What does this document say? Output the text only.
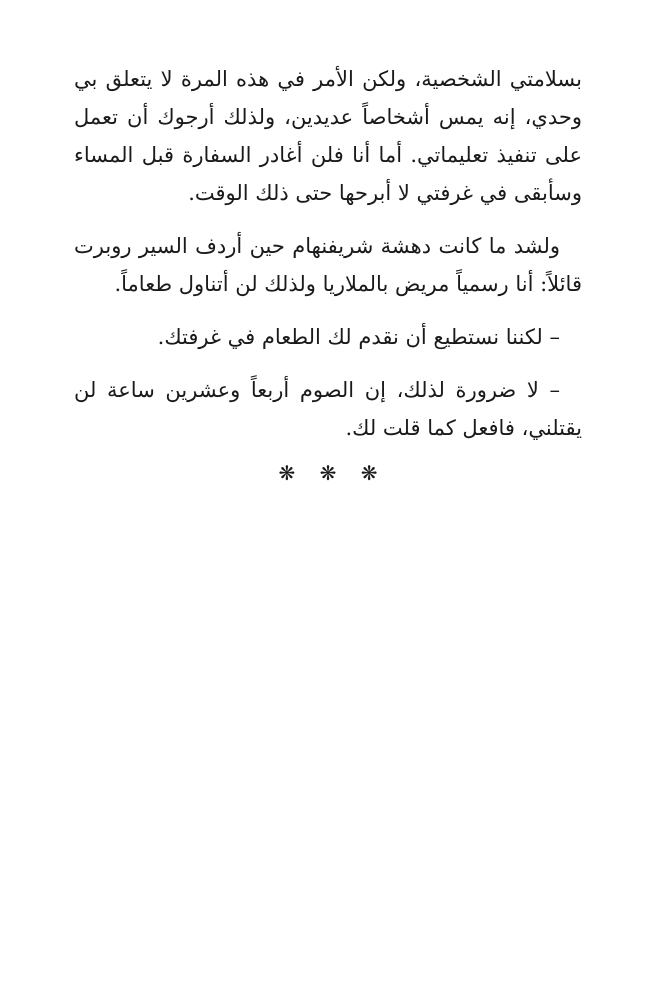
بسلامتي الشخصية، ولكن الأمر في هذه المرة لا يتعلق بي
وحدي، إنه يمس أشخاصاً عديدين، ولذلك أرجوك أن تعمل
على تنفيذ تعليماتي. أما أنا فلن أغادر السفارة قبل المساء
وسأبقى في غرفتي لا أبرحها حتى ذلك الوقت.
ولشد ما كانت دهشة شريفنهام حين أردف السير روبرت
قائلاً: أنا رسمياً مريض بالملاريا ولذلك لن أتناول طعاماً.
– لكننا نستطيع أن نقدم لك الطعام في غرفتك.
– لا ضرورة لذلك، إن الصوم أربعاً وعشرين ساعة لن
يقتلني، فافعل كما قلت لك.
❋ ❋ ❋
